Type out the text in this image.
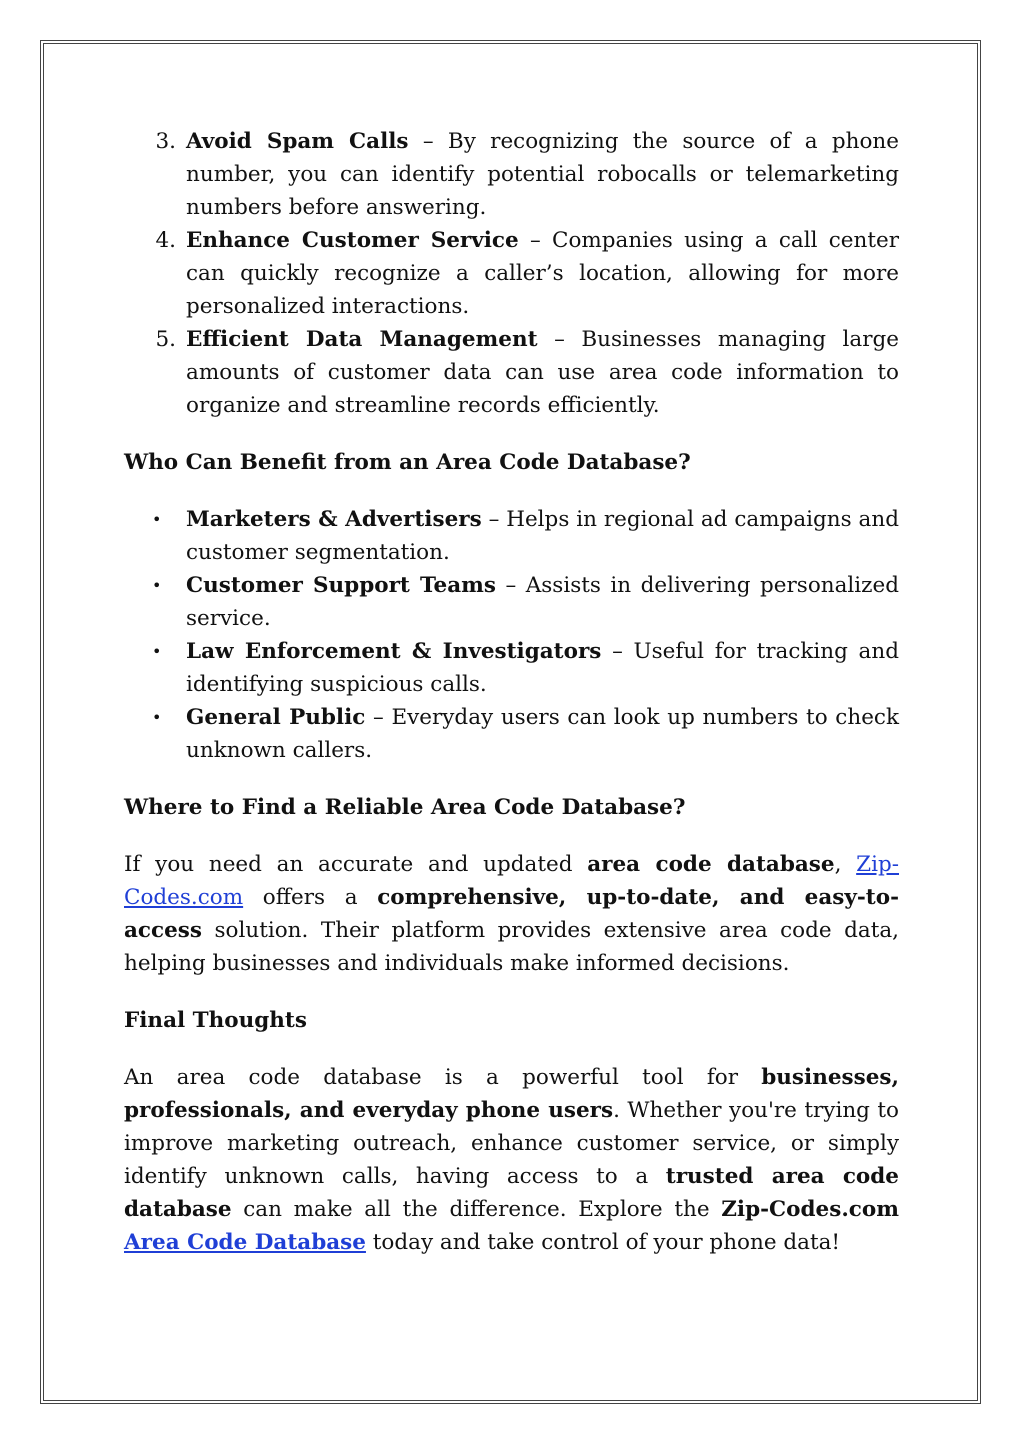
3. Avoid Spam Calls – By recognizing the source of a phone number, you can identify potential robocalls or telemarketing numbers before answering.
4. Enhance Customer Service – Companies using a call center can quickly recognize a caller’s location, allowing for more personalized interactions.
5. Efficient Data Management – Businesses managing large amounts of customer data can use area code information to organize and streamline records efficiently.
Who Can Benefit from an Area Code Database?
• Marketers & Advertisers – Helps in regional ad campaigns and customer segmentation.
• Customer Support Teams – Assists in delivering personalized service.
• Law Enforcement & Investigators – Useful for tracking and identifying suspicious calls.
• General Public – Everyday users can look up numbers to check unknown callers.
Where to Find a Reliable Area Code Database?

If you need an accurate and updated area code database, Zip-Codes.com offers a comprehensive, up-to-date, and easy-to-access solution. Their platform provides extensive area code data, helping businesses and individuals make informed decisions.

Final Thoughts

An area code database is a powerful tool for businesses, professionals, and everyday phone users. Whether you're trying to improve marketing outreach, enhance customer service, or simply identify unknown calls, having access to a trusted area code database can make all the difference. Explore the Zip-Codes.com Area Code Database today and take control of your phone data!
